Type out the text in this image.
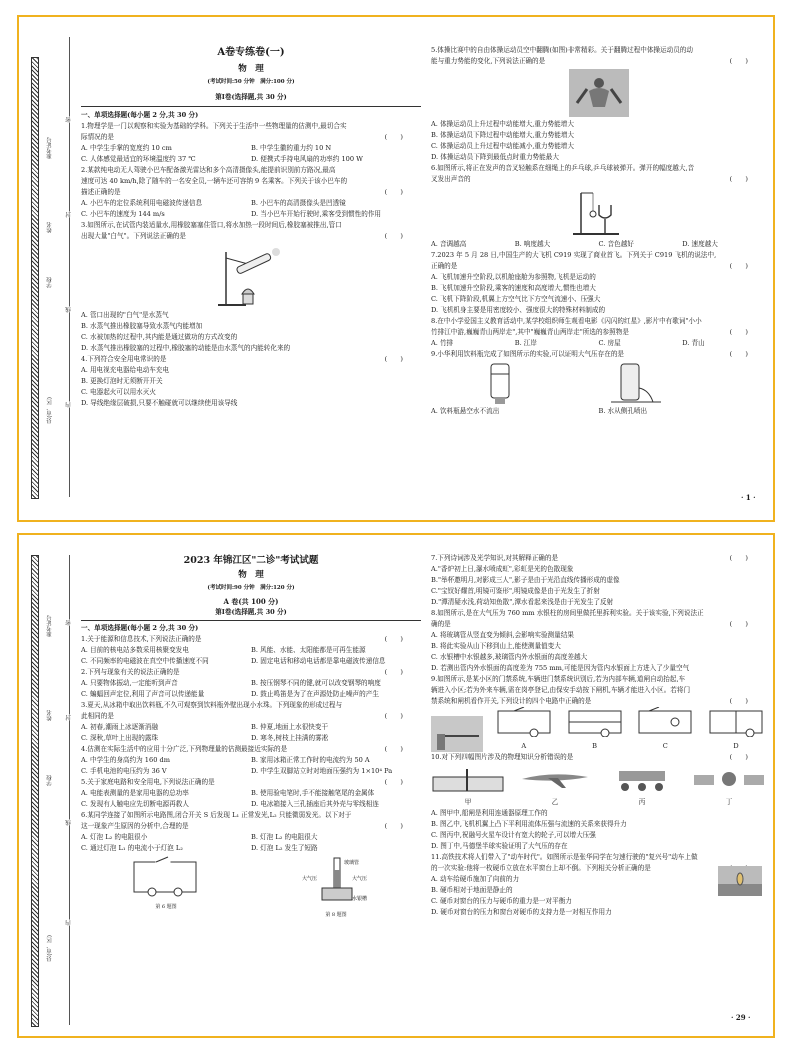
准考证号
姓名
学校
县(市、区)
密
封
线
内

A卷专练卷(一)

物　理

(考试时间:50 分钟　满分:100 分)

第Ⅰ卷(选择题,共 30 分)

一、单项选择题(每小题 2 分,共 30 分)

1.物理学是一门以观察和实验为基础的学科。下列关于生活中一些物理量的估测中,最切合实

际情况的是	(　　)

A. 中学生手掌的宽度约 10 cm	B. 中学生徽的重力约 10 N
C. 人体感觉最适宜的环境温度约 37 ℃	D. 便携式手持电风扇的功率约 100 W

2.某款纯电动无人驾驶小巴车配备激光雷达和多个高清摄像头,能提前识别前方路况,最高

速度可达 40 km/h,除了随车的一名安全员,一辆车还可容纳 9 名乘客。下列关于该小巴车的

描述正确的是	(　　)

A. 小巴车的定位系统利用电磁波传递信息	B. 小巴车的高清摄像头是凹透镜
C. 小巴车的速度为 144 m/s	D. 当小巴车开始行驶时,乘客受到惯性的作用

3.如图所示,在试管内装适量水,用橡胶塞塞住管口,将水加热一段时间后,橡胶塞被推出,管口

出现大量"白气"。下列说法正确的是	(　　)

A. 管口出现的"白气"是水蒸气

B. 水蒸气推出橡胶塞导致水蒸气内能增加

C. 水被加热的过程中,其内能是通过做功的方式改变的

D. 水蒸气推出橡胶塞的过程中,橡胶塞的动能是由水蒸气的内能转化来的

4.下列符合安全用电常识的是	(　　)

A. 用电视充电器给电动车充电

B. 更换灯泡时无须断开开关

C. 电器起火可以用水灭火

D. 导线绝缘层破损,只要不触碰就可以继续使用该导线

5.体操比赛中的自由体操运动员空中翻腾(如图)非常精彩。关于翻腾过程中体操运动员的动

能与重力势能的变化,下列说法正确的是	(　　)

A. 体操运动员上升过程中动能增大,重力势能增大

B. 体操运动员下降过程中动能增大,重力势能增大

C. 体操运动员上升过程中动能减小,重力势能增大

D. 体操运动员下降到最低点时重力势能最大

6.如图所示,将正在发声的音叉轻触系在细绳上的乒乓球,乒乓球被弹开。弹开的幅度越大,音

叉发出声音的	(　　)

A. 音调越高	B. 响度越大	C. 音色越好	D. 速度越大

7.2023 年 5 月 28 日,中国生产的大飞机 C919 实现了商业首飞。下列关于 C919 飞机的说法中,

正确的是	(　　)

A. 飞机加速升空阶段,以机舱座舱为参照物,飞机是运动的

B. 飞机加速升空阶段,乘客的速度和高度增大,惯性也增大

C. 飞机下降阶段,机翼上方空气比下方空气流速小、压强大

D. 飞机机身主要是用密度较小、强度很大的特殊材料制成的

8.在中小学爱国主义教育活动中,某学校组织师生观看电影《闪闪的红星》,影片中有歌词"小小

竹排江中游,巍巍青山两岸走",其中"巍巍青山两岸走"所选的参照物是	(　　)

A. 竹排	B. 江岸	C. 房屋	D. 青山

9.小华利用饮料瓶完成了如图所示的实验,可以证明大气压存在的是	(　　)

A. 饮料瓶悬空水不流出	B. 水从侧孔喷出
· 1 ·
准考证号
姓名
学校
县(市、区)
密
封
线
内

2023 年锦江区"二诊"考试试题

物　理

(考试时间:90 分钟　满分:120 分)

A 卷(共 100 分)

第Ⅰ卷(选择题,共 30 分)

一、单项选择题(每小题 2 分,共 30 分)

1.关于能源和信息技术,下列说法正确的是	(　　)

A. 目前的核电站多数采用核聚变发电	B. 风能、水能、太阳能都是可再生能源
C. 不同频率的电磁波在真空中传播速度不同	D. 固定电话和移动电话都是靠电磁波传递信息

2.下列与现象有关的说法正确的是	(　　)

A. 只要物体振动,一定能听到声音	B. 按压钢琴不同的键,就可以改变钢琴的响度
C. 蝙蝠回声定位,利用了声音可以传递能量	D. 鼓止鸣笛是为了在声源处防止噪声的产生

3.夏天,从冰箱中取出饮料瓶,不久可观察到饮料瓶外壁出现小水珠。下列现象的形成过程与

此相同的是	(　　)

A. 初春,潮雨上冰逐渐消融	B. 仲夏,地面上水很快变干
C. 深秋,草叶上出现的露珠	D. 寒冬,树枝上挂满的雾凇

4.估测在实际生活中的应用十分广泛,下列物理量的估测最接近实际的是	(　　)

A. 中学生的身高约为 160 dm	B. 家用冰箱正常工作时的电流约为 50 A
C. 手机电池的电压约为 36 V	D. 中学生双脚站立时对地面压强约为 1×10⁴ Pa

5.关于家庭电路和安全用电,下列说法正确的是	(　　)

A. 电能表测量的是家用电器的总功率	B. 使用验电笔时,手不能接触笔尾的金属体
C. 发现有人触电应先切断电源再救人	D. 电冰箱接入三孔插座后其外壳与零线相连

6.某同学连接了如图所示电路图,闭合开关 S 后发现 L₁ 正常发光,L₂ 只能微弱发光。以下对于

这一现象产生原因的分析中,合理的是	(　　)

A. 灯泡 L₂ 的电阻很小	B. 灯泡 L₂ 的电阻很大
C. 通过灯泡 L₁ 的电流小于灯泡 L₂	D. 灯泡 L₂ 发生了短路
第 6 题图
玻璃管
大气压	大气压
水银槽
第 8 题图

7.下列诗词涉及光学知识,对其解释正确的是	(　　)

A."香炉初上日,瀑水喷成虹",彩虹是光的色散现象

B."举杯邀明月,对影成三人",影子是由于光沿直线传播形成的虚像

C."宝钗好耀首,明镜可鉴形",明镜成像是由于光发生了折射

D."潭清疑水浅,荷动知鱼散",潭水看起来浅是由于光发生了反射

8.如图所示,是在大气压为 760 mm 水银柱的房间里做托里拆利实验。关于该实验,下列说法正

确的是	(　　)

A. 将玻璃管从竖直变为倾斜,会影响实验测量结果

B. 将此实验从山下移到山上,能使测量值变大

C. 水银槽中水银越多,玻璃管内外水银面的高度差越大

D. 若测出管内外水银面的高度差为 755 mm,可能是因为管内水银面上方进入了少量空气

9.如图所示,是某小区的门禁系统,车辆进门禁系统识别后,若为内部车辆,道闸自动抬起,车

辆进入小区;若为外来车辆,需在岗亭登记,由保安手动按下闸机,车辆才能进入小区。若将门

禁系统和闸机看作开关,下列设计的四个电路中正确的是	(　　)

A	B	C	D

10.对下列四幅图片涉及的物理知识分析错误的是	(　　)

甲	乙	丙	丁

A. 图甲中,船闸是利用连通器原理工作的

B. 图乙中,飞机机翼上凸下平利用流体压强与流速的关系来获得升力

C. 图丙中,祝融号火星车设计有宽大的轮子,可以增大压强

D. 图丁中,马德堡半球实验证明了大气压的存在

11.高铁技术将人们带入了"动车时代"。如图所示是张华同学在匀速行驶的"复兴号"动车上做

的一次实验:他将一枚硬币立放在水平窗台上却不倒。下列相关分析正确的是

A. 动车给硬币施加了向前的力

B. 硬币相对于地面是静止的

C. 硬币对窗台的压力与硬币的重力是一对平衡力

D. 硬币对窗台的压力和窗台对硬币的支持力是一对相互作用力

· 29 ·
